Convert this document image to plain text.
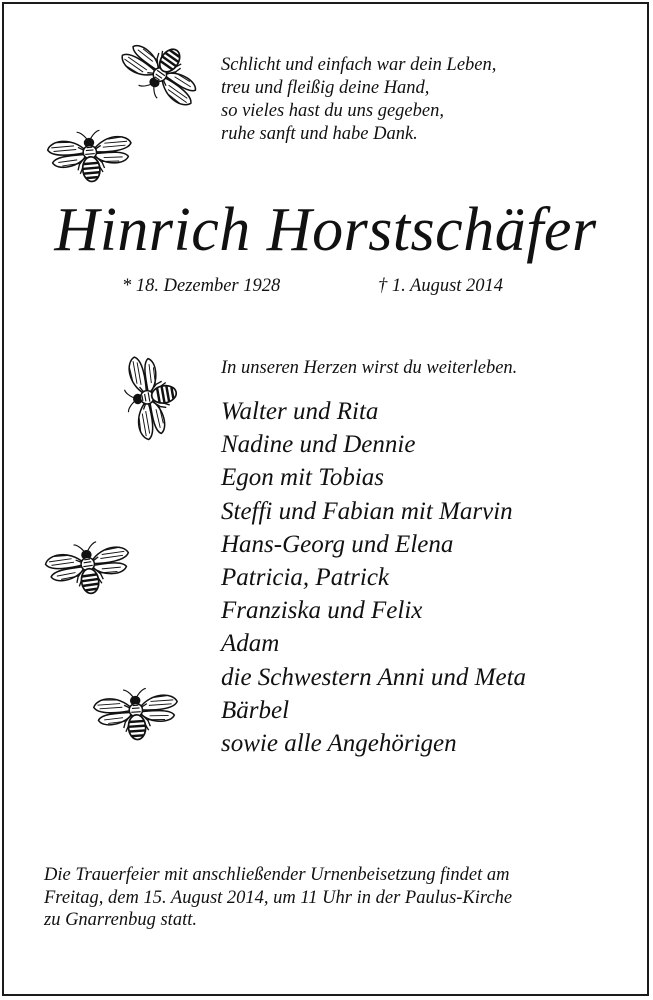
Schlicht und einfach war dein Leben,
treu und fleißig deine Hand,
so vieles hast du uns gegeben,
ruhe sanft und habe Dank.
Hinrich Horstschäfer
* 18. Dezember 1928	† 1. August 2014
In unseren Herzen wirst du weiterleben.
Walter und Rita
Nadine und Dennie
Egon mit Tobias
Steffi und Fabian mit Marvin
Hans-Georg und Elena
Patricia, Patrick
Franziska und Felix
Adam
die Schwestern Anni und Meta
Bärbel
sowie alle Angehörigen
Die Trauerfeier mit anschließender Urnenbeisetzung findet am
Freitag, dem 15. August 2014, um 11 Uhr in der Paulus-Kirche
zu Gnarrenbug statt.
